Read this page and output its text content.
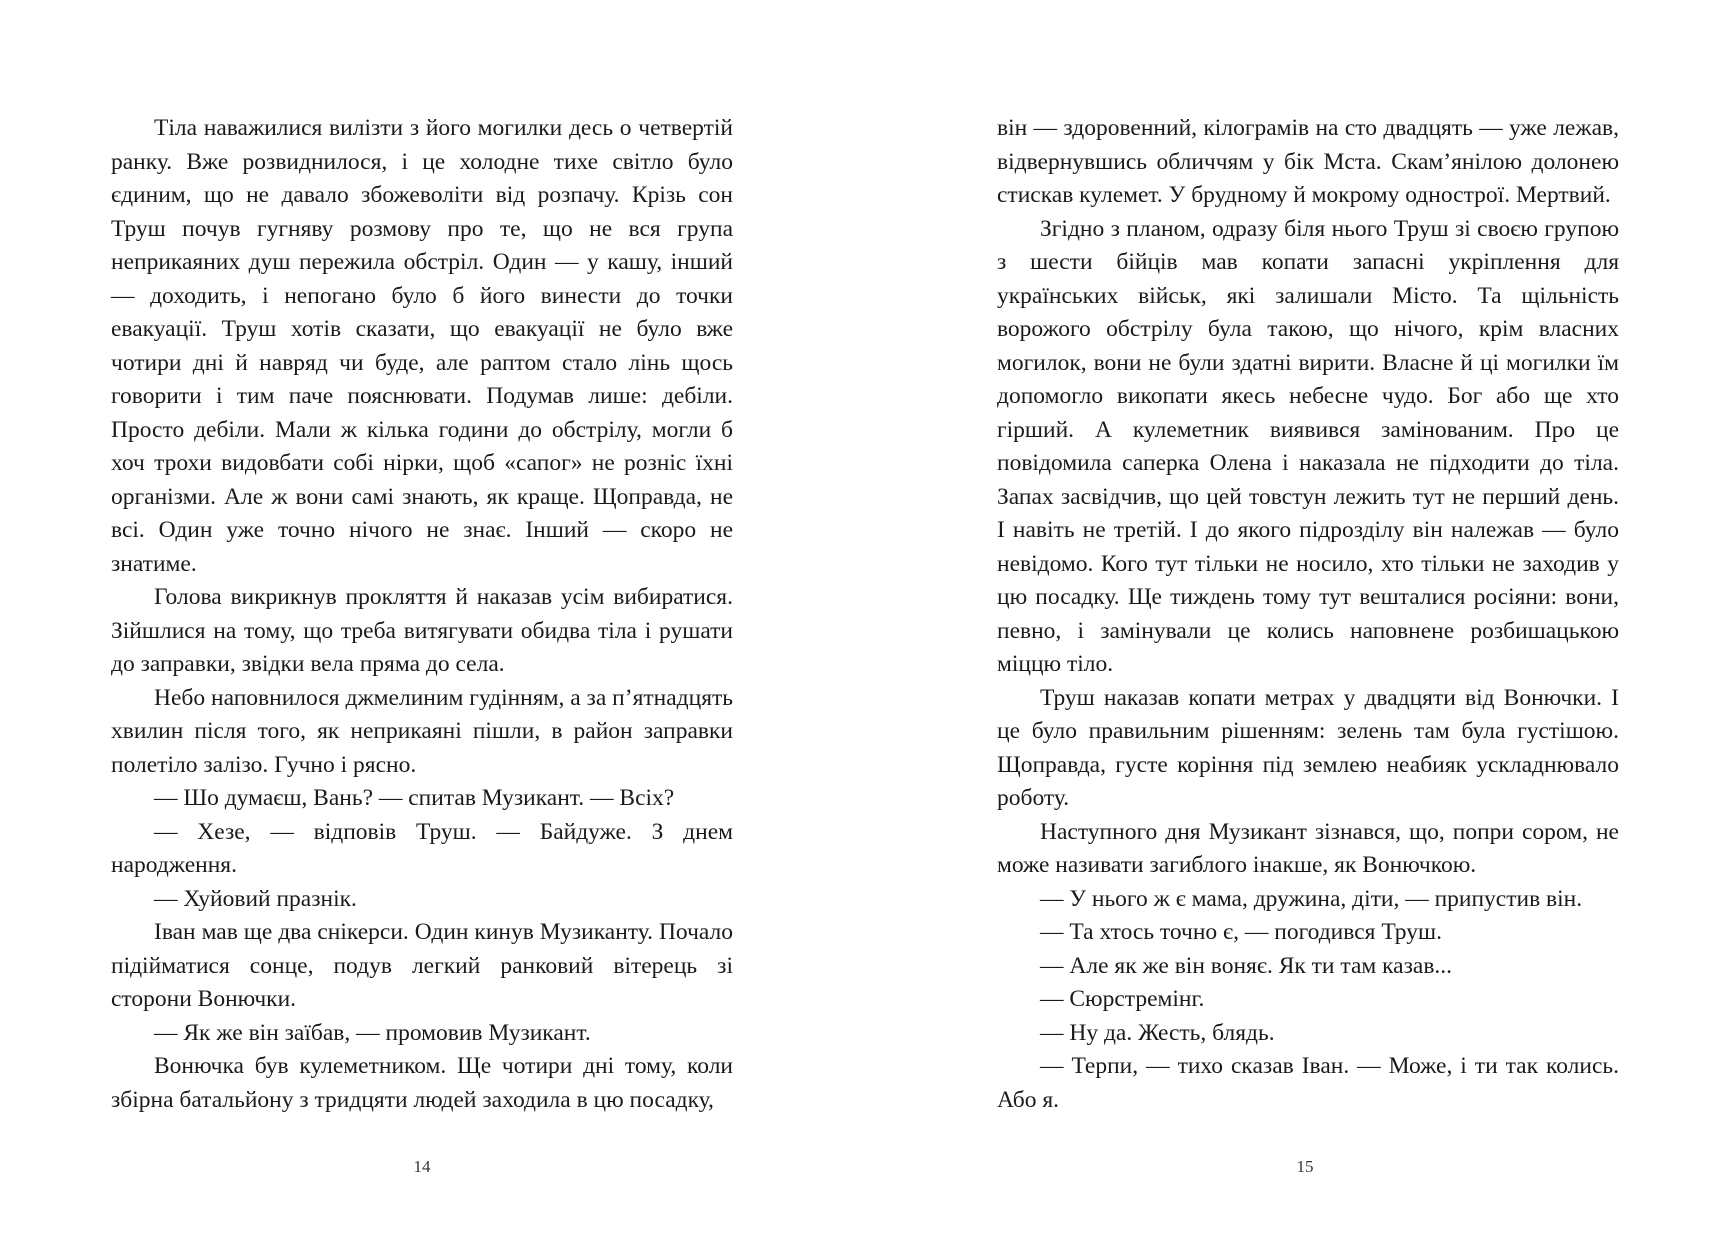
Тіла наважилися вилізти з його могилки десь о четвертій ранку. Вже розвиднилося, і це холодне тихе світло було єдиним, що не давало збожеволіти від розпачу. Крізь сон Труш почув гугняву розмову про те, що не вся група неприкаяних душ пережила обстріл. Один — у кашу, інший — доходить, і непогано було б його винести до точки евакуації. Труш хотів сказати, що евакуації не було вже чотири дні й навряд чи буде, але раптом стало лінь щось говорити і тим паче пояснювати. Подумав лише: дебіли. Просто дебіли. Мали ж кілька години до обстрілу, могли б хоч трохи видовбати собі нірки, щоб «сапог» не розніс їхні організми. Але ж вони самі знають, як краще. Щоправда, не всі. Один уже точно нічого не знає. Інший — скоро не знатиме.

Голова викрикнув прокляття й наказав усім вибиратися. Зійшлися на тому, що треба витягувати обидва тіла і рушати до заправки, звідки вела пряма до села.

Небо наповнилося джмелиним гудінням, а за п’ятнадцять хвилин після того, як неприкаяні пішли, в район заправки полетіло залізо. Гучно і рясно.

— Шо думаєш, Вань? — спитав Музикант. — Всіх?

— Хезе, — відповів Труш. — Байдуже. З днем народження.

— Хуйовий празнік.

Іван мав ще два снікерси. Один кинув Музиканту. Почало підійматися сонце, подув легкий ранковий вітерець зі сторони Вонючки.

— Як же він заїбав, — промовив Музикант.

Вонючка був кулеметником. Ще чотири дні тому, коли збірна батальйону з тридцяти людей заходила в цю посадку,

він — здоровенний, кілограмів на сто двадцять — уже лежав, відвернувшись обличчям у бік Мста. Скам’янілою долонею стискав кулемет. У брудному й мокрому однострої. Мертвий.

Згідно з планом, одразу біля нього Труш зі своєю групою з шести бійців мав копати запасні укріплення для українських військ, які залишали Місто. Та щільність ворожого обстрілу була такою, що нічого, крім власних могилок, вони не були здатні вирити. Власне й ці могилки їм допомогло викопати якесь небесне чудо. Бог або ще хто гірший. А кулеметник виявився замінованим. Про це повідомила саперка Олена і наказала не підходити до тіла. Запах засвідчив, що цей товстун лежить тут не перший день. І навіть не третій. І до якого підрозділу він належав — було невідомо. Кого тут тільки не носило, хто тільки не заходив у цю посадку. Ще тиждень тому тут вешталися росіяни: вони, певно, і замінували це колись наповнене розбишацькою міццю тіло.

Труш наказав копати метрах у двадцяти від Вонючки. І це було правильним рішенням: зелень там була густішою. Щоправда, густе коріння під землею неабияк ускладнювало роботу.

Наступного дня Музикант зізнався, що, попри сором, не може називати загиблого інакше, як Вонючкою.

— У нього ж є мама, дружина, діти, — припустив він.

— Та хтось точно є, — погодився Труш.

— Але як же він воняє. Як ти там казав...

— Сюрстремінг.

— Ну да. Жесть, блядь.

— Терпи, — тихо сказав Іван. — Може, і ти так колись. Або я.

14	15
